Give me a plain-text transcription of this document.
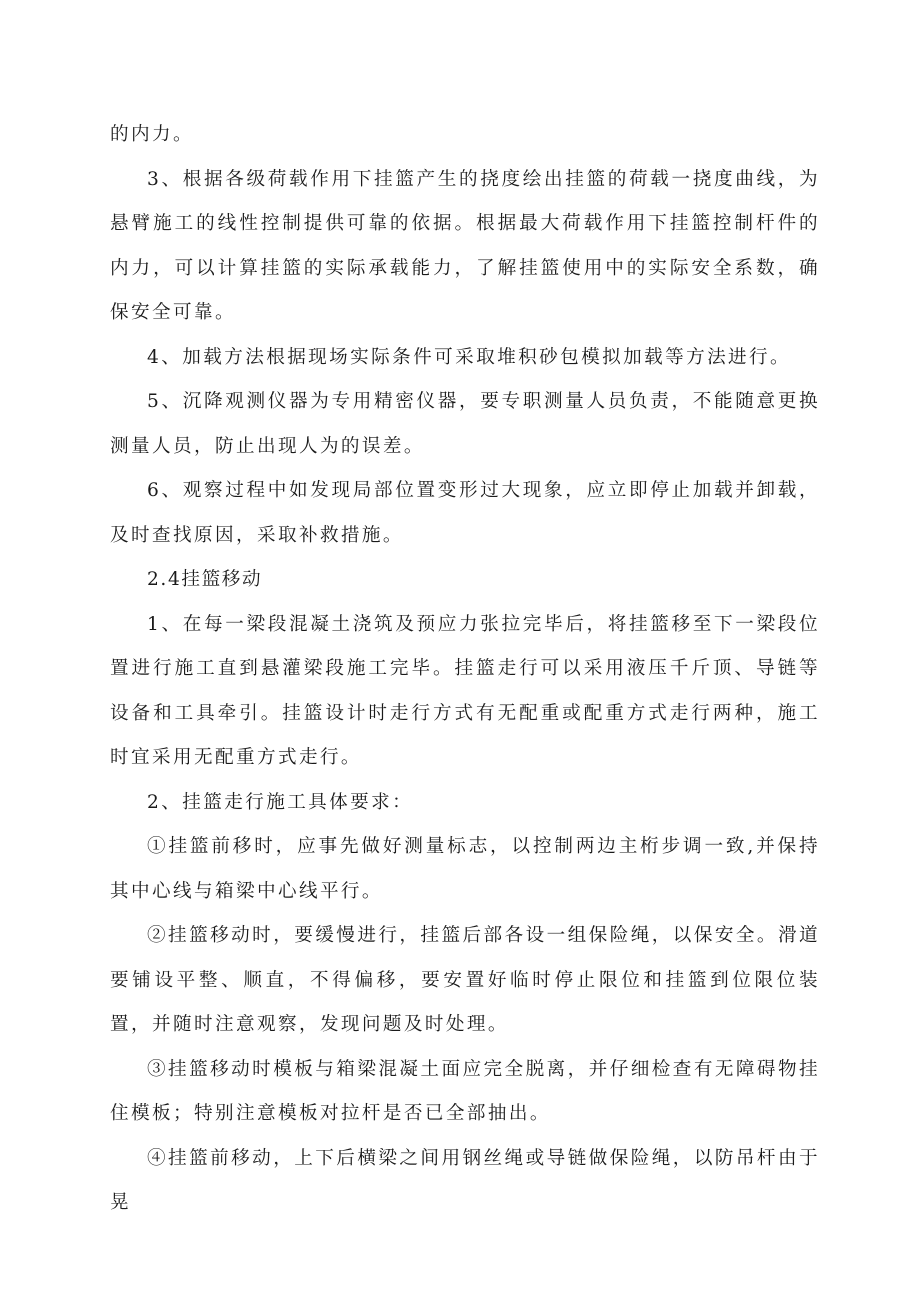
的内力。

3、根据各级荷载作用下挂篮产生的挠度绘出挂篮的荷载一挠度曲线，为悬臂施工的线性控制提供可靠的依据。根据最大荷载作用下挂篮控制杆件的内力，可以计算挂篮的实际承载能力，了解挂篮使用中的实际安全系数，确保安全可靠。

4、加载方法根据现场实际条件可采取堆积砂包模拟加载等方法进行。

5、沉降观测仪器为专用精密仪器，要专职测量人员负责，不能随意更换测量人员，防止出现人为的误差。

6、观察过程中如发现局部位置变形过大现象，应立即停止加载并卸载，及时查找原因，采取补救措施。

2.4挂篮移动

1、在每一梁段混凝土浇筑及预应力张拉完毕后，将挂篮移至下一梁段位置进行施工直到悬灌梁段施工完毕。挂篮走行可以采用液压千斤顶、导链等设备和工具牵引。挂篮设计时走行方式有无配重或配重方式走行两种，施工时宜采用无配重方式走行。

2、挂篮走行施工具体要求：

①挂篮前移时，应事先做好测量标志，以控制两边主桁步调一致,并保持其中心线与箱梁中心线平行。

②挂篮移动时，要缓慢进行，挂篮后部各设一组保险绳，以保安全。滑道要铺设平整、顺直，不得偏移，要安置好临时停止限位和挂篮到位限位装置，并随时注意观察，发现问题及时处理。

③挂篮移动时模板与箱梁混凝土面应完全脱离，并仔细检查有无障碍物挂住模板；特别注意模板对拉杆是否已全部抽出。

④挂篮前移动，上下后横梁之间用钢丝绳或导链做保险绳，以防吊杆由于晃
